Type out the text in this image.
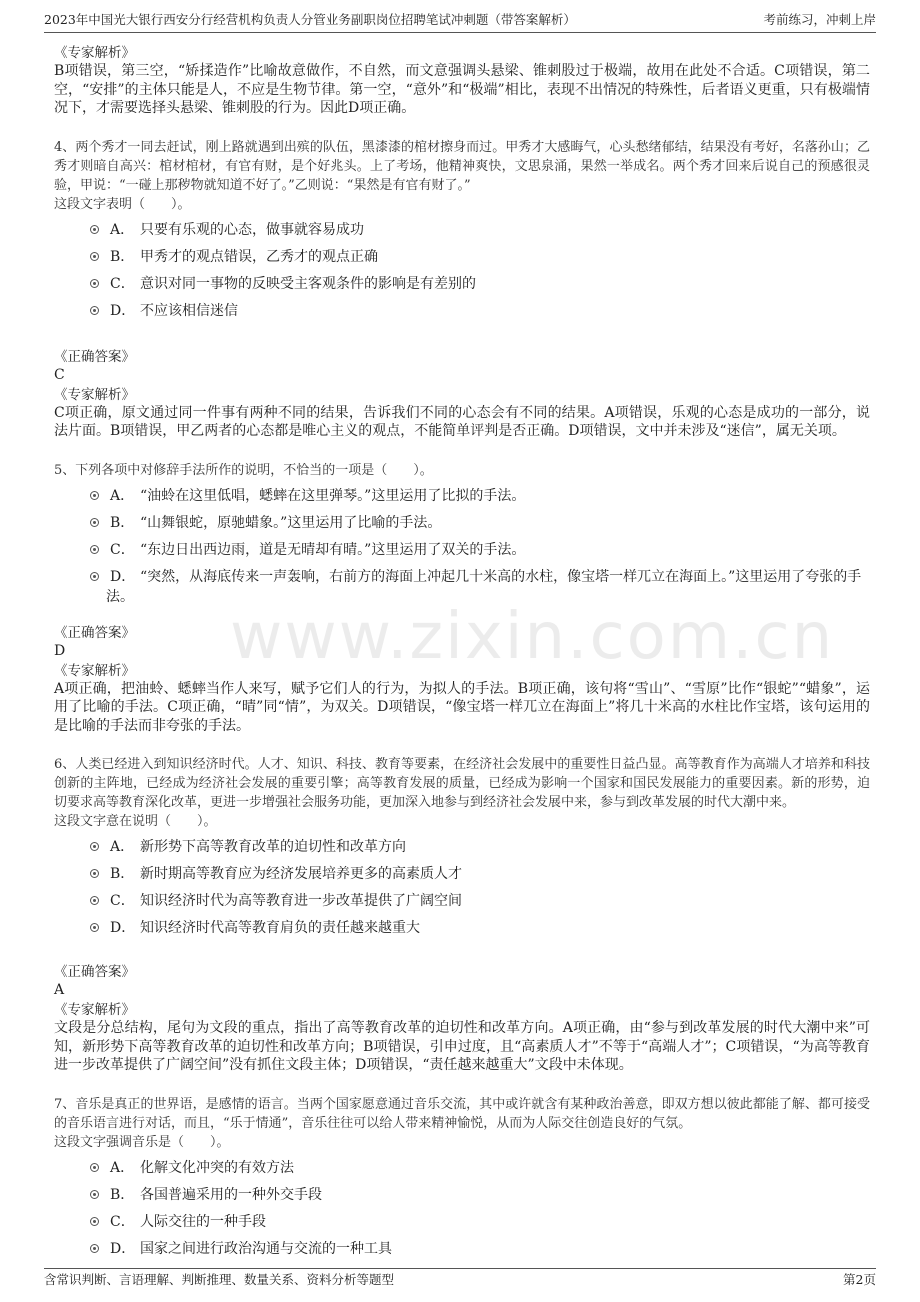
2023年中国光大银行西安分行经营机构负责人分管业务副职岗位招聘笔试冲刺题（带答案解析）	考前练习，冲刺上岸
www.zixin.com.cn

《专家解析》

B项错误，第三空，“矫揉造作”比喻故意做作，不自然，而文意强调头悬梁、锥刺股过于极端，故用在此处不合适。C项错误，第二空，“安排”的主体只能是人，不应是生物节律。第一空，“意外”和“极端”相比，表现不出情况的特殊性，后者语义更重，只有极端情况下，才需要选择头悬梁、锥刺股的行为。因此D项正确。

4、两个秀才一同去赶试，刚上路就遇到出殡的队伍，黑漆漆的棺材擦身而过。甲秀才大感晦气，心头愁绪郁结，结果没有考好，名落孙山；乙秀才则暗自高兴：棺材棺材，有官有财，是个好兆头。上了考场，他精神爽快，文思泉涌，果然一举成名。两个秀才回来后说自己的预感很灵验，甲说：“一碰上那秽物就知道不好了。”乙则说：“果然是有官有财了。”
这段文字表明（　　）。
A． 只要有乐观的心态，做事就容易成功
B． 甲秀才的观点错误，乙秀才的观点正确
C． 意识对同一事物的反映受主客观条件的影响是有差别的
D． 不应该相信迷信

《正确答案》

C

《专家解析》

C项正确，原文通过同一件事有两种不同的结果，告诉我们不同的心态会有不同的结果。A项错误，乐观的心态是成功的一部分，说法片面。B项错误，甲乙两者的心态都是唯心主义的观点，不能简单评判是否正确。D项错误，文中并未涉及“迷信”，属无关项。

5、下列各项中对修辞手法所作的说明，不恰当的一项是（　　）。
A． “油蛉在这里低唱，蟋蟀在这里弹琴。”这里运用了比拟的手法。
B． “山舞银蛇，原驰蜡象。”这里运用了比喻的手法。
C． “东边日出西边雨，道是无晴却有晴。”这里运用了双关的手法。
D． “突然，从海底传来一声轰响，右前方的海面上冲起几十米高的水柱，像宝塔一样兀立在海面上。”这里运用了夸张的手法。

《正确答案》

D

《专家解析》

A项正确，把油蛉、蟋蟀当作人来写，赋予它们人的行为，为拟人的手法。B项正确，该句将“雪山”、“雪原”比作“银蛇”“蜡象”，运用了比喻的手法。C项正确，“晴”同“情”，为双关。D项错误，“像宝塔一样兀立在海面上”将几十米高的水柱比作宝塔，该句运用的是比喻的手法而非夸张的手法。

6、人类已经进入到知识经济时代。人才、知识、科技、教育等要素，在经济社会发展中的重要性日益凸显。高等教育作为高端人才培养和科技创新的主阵地，已经成为经济社会发展的重要引擎；高等教育发展的质量，已经成为影响一个国家和国民发展能力的重要因素。新的形势，迫切要求高等教育深化改革，更进一步增强社会服务功能，更加深入地参与到经济社会发展中来，参与到改革发展的时代大潮中来。
这段文字意在说明（　　）。
A． 新形势下高等教育改革的迫切性和改革方向
B． 新时期高等教育应为经济发展培养更多的高素质人才
C． 知识经济时代为高等教育进一步改革提供了广阔空间
D． 知识经济时代高等教育肩负的责任越来越重大

《正确答案》

A

《专家解析》

文段是分总结构，尾句为文段的重点，指出了高等教育改革的迫切性和改革方向。A项正确，由“参与到改革发展的时代大潮中来”可知，新形势下高等教育改革的迫切性和改革方向；B项错误，引申过度，且“高素质人才”不等于“高端人才”；C项错误，“为高等教育进一步改革提供了广阔空间”没有抓住文段主体；D项错误，“责任越来越重大”文段中未体现。

7、音乐是真正的世界语，是感情的语言。当两个国家愿意通过音乐交流，其中或许就含有某种政治善意，即双方想以彼此都能了解、都可接受的音乐语言进行对话，而且，“乐于情通”，音乐往往可以给人带来精神愉悦，从而为人际交往创造良好的气氛。
这段文字强调音乐是（　　）。
A． 化解文化冲突的有效方法
B． 各国普遍采用的一种外交手段
C． 人际交往的一种手段
D． 国家之间进行政治沟通与交流的一种工具
含常识判断、言语理解、判断推理、数量关系、资料分析等题型	第2页
